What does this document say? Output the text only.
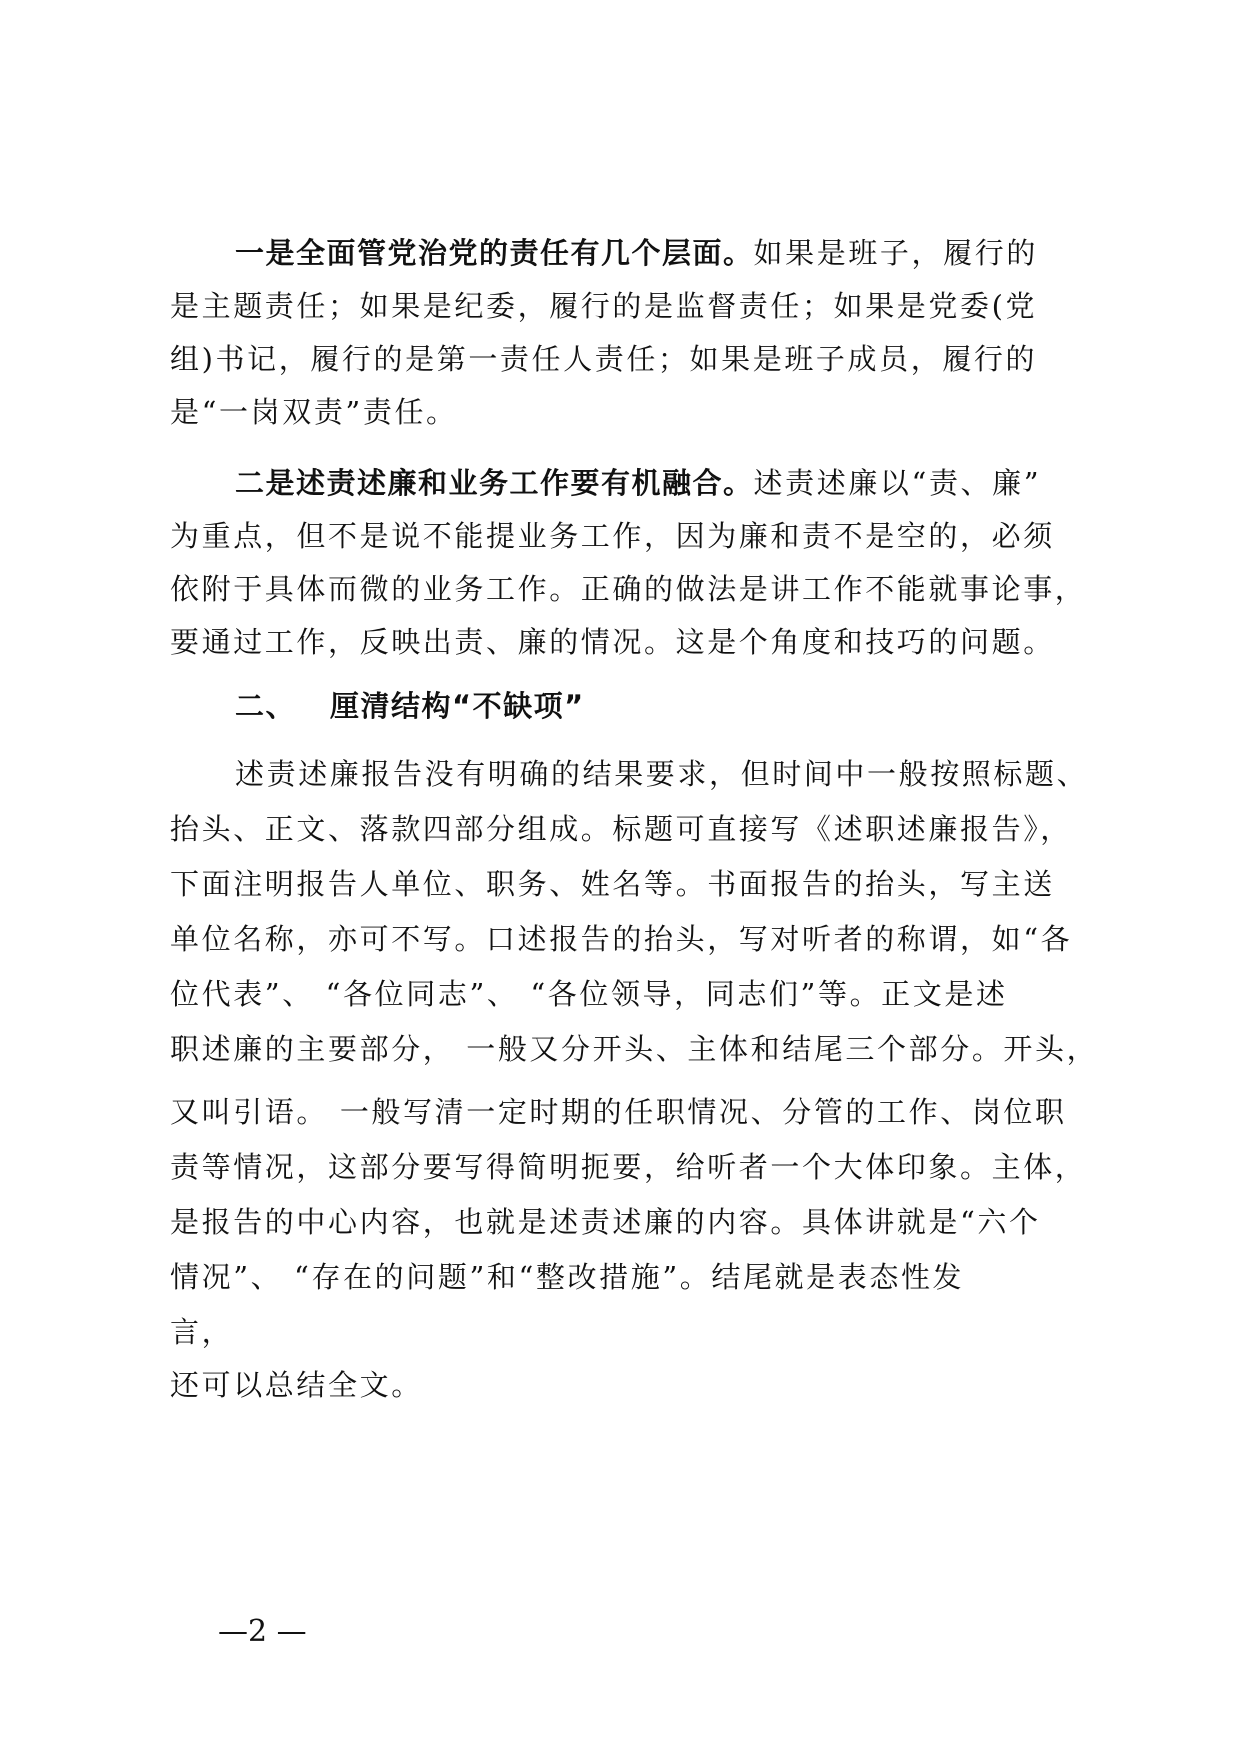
一是全面管党治党的责任有几个层面。如果是班子，履行的
是主题责任；如果是纪委，履行的是监督责任；如果是党委(党
组)书记，履行的是第一责任人责任；如果是班子成员，履行的
是“一岗双责”责任。
二是述责述廉和业务工作要有机融合。述责述廉以“责、廉”
为重点，但不是说不能提业务工作，因为廉和责不是空的，必须
依附于具体而微的业务工作。正确的做法是讲工作不能就事论事，
要通过工作，反映出责、廉的情况。这是个角度和技巧的问题。
二、 厘清结构“不缺项”
述责述廉报告没有明确的结果要求，但时间中一般按照标题、
抬头、正文、落款四部分组成。标题可直接写《述职述廉报告》，
下面注明报告人单位、职务、姓名等。书面报告的抬头，写主送
单位名称，亦可不写。口述报告的抬头，写对听者的称谓，如“各
位代表”、 “各位同志”、 “各位领导，同志们”等。正文是述
职述廉的主要部分， 一般又分开头、主体和结尾三个部分。开头，
又叫引语。 一般写清一定时期的任职情况、分管的工作、岗位职
责等情况，这部分要写得简明扼要，给听者一个大体印象。主体，
是报告的中心内容，也就是述责述廉的内容。具体讲就是“六个
情况”、 “存在的问题”和“整改措施”。结尾就是表态性发
言，
还可以总结全文。
—2 —
